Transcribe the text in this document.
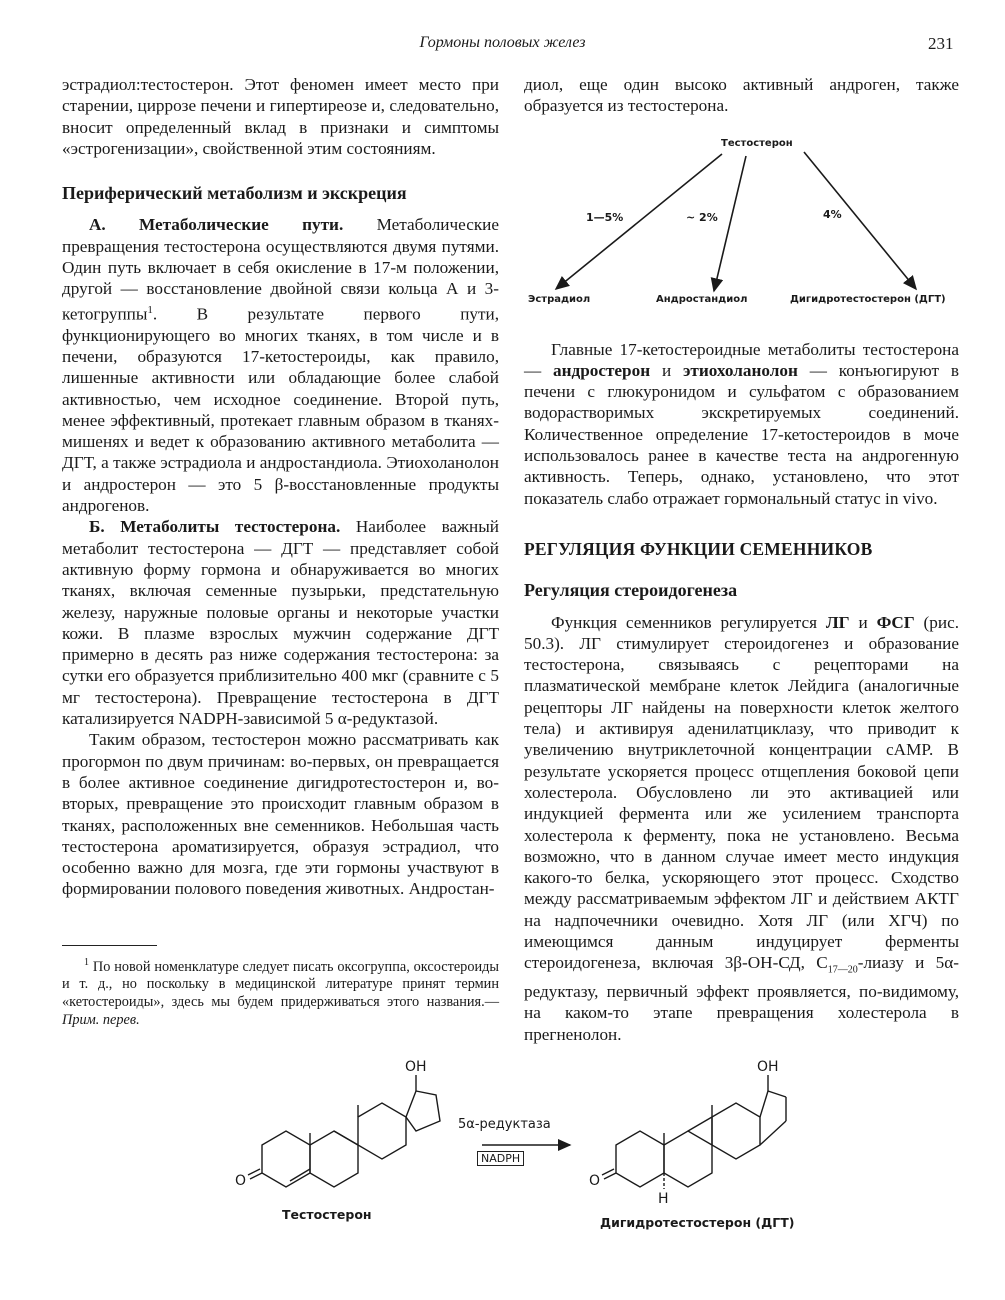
Гормоны половых желез	231

эстрадиол:тестостерон. Этот феномен имеет место при старении, циррозе печени и гипертиреозе и, следовательно, вносит определенный вклад в признаки и симптомы «эстрогенизации», свойственной этим состояниям.

Периферический метаболизм и экскреция

А. Метаболические пути. Метаболические превращения тестостерона осуществляются двумя путями. Один путь включает в себя окисление в 17-м положении, другой — восстановление двойной связи кольца А и 3-кетогруппы$^1$. В результате первого пути, функционирующего во многих тканях, в том числе и в печени, образуются 17-кетостероиды, как правило, лишенные активности или обладающие более слабой активностью, чем исходное соединение. Второй путь, менее эффективный, протекает главным образом в тканях-мишенях и ведет к образованию активного метаболита — ДГТ, а также эстрадиола и андростандиола. Этиохоланолон и андростерон — это 5 β-восстановленные продукты андрогенов.

Б. Метаболиты тестостерона. Наиболее важный метаболит тестостерона — ДГТ — представляет собой активную форму гормона и обнаруживается во многих тканях, включая семенные пузырьки, предстательную железу, наружные половые органы и некоторые участки кожи. В плазме взрослых мужчин содержание ДГТ примерно в десять раз ниже содержания тестостерона: за сутки его образуется приблизительно 400 мкг (сравните с 5 мг тестостерона). Превращение тестостерона в ДГТ катализируется NADPH-зависимой 5 α-редуктазой.

Таким образом, тестостерон можно рассматривать как прогормон по двум причинам: во-первых, он превращается в более активное соединение дигидротестостерон и, во-вторых, превращение это происходит главным образом в тканях, расположенных вне семенников. Небольшая часть тестостерона ароматизируется, образуя эстрадиол, что особенно важно для мозга, где эти гормоны участвуют в формировании полового поведения животных. Андростан-

$^1$ По новой номенклатуре следует писать оксогруппа, оксостероиды и т. д., но поскольку в медицинской литературе принят термин «кетостероиды», здесь мы будем придерживаться этого названия.— Прим. перев.

диол, еще один высоко активный андроген, также образуется из тестостерона.

Главные 17-кетостероидные метаболиты тестостерона — андростерон и этиохоланолон — конъюгируют в печени с глюкуронидом и сульфатом с образованием водорастворимых экскретируемых соединений. Количественное определение 17-кетостероидов в моче использовалось ранее в качестве теста на андрогенную активность. Теперь, однако, установлено, что этот показатель слабо отражает гормональный статус in vivo.

РЕГУЛЯЦИЯ ФУНКЦИИ СЕМЕННИКОВ

Регуляция стероидогенеза

Функция семенников регулируется ЛГ и ФСГ (рис. 50.3). ЛГ стимулирует стероидогенез и образование тестостерона, связываясь с рецепторами на плазматической мембране клеток Лейдига (аналогичные рецепторы ЛГ найдены на поверхности клеток желтого тела) и активируя аденилатциклазу, что приводит к увеличению внутриклеточной концентрации cAMP. В результате ускоряется процесс отщепления боковой цепи холестерола. Обусловлено ли это активацией или индукцией фермента или же усилением транспорта холестерола к ферменту, пока не установлено. Весьма возможно, что в данном случае имеет место индукция какого-то белка, ускоряющего этот процесс. Сходство между рассматриваемым эффектом ЛГ и действием АКТГ на надпочечники очевидно. Хотя ЛГ (или ХГЧ) по имеющимся данным индуцирует ферменты стероидогенеза, включая 3β-ОН-СД, $С_{17—20}$-лиазу и 5α-редуктазу, первичный эффект проявляется, по-видимому, на каком-то этапе превращения холестерола в прегненолон.

Тестостерон
1—5%	~ 2%	4%
Эстрадиол	Андростандиол	Дигидротестостерон (ДГТ)
OH
O
OH
O
H
5α-редуктаза
NADPH
Тестостерон
Дигидротестостерон (ДГТ)
